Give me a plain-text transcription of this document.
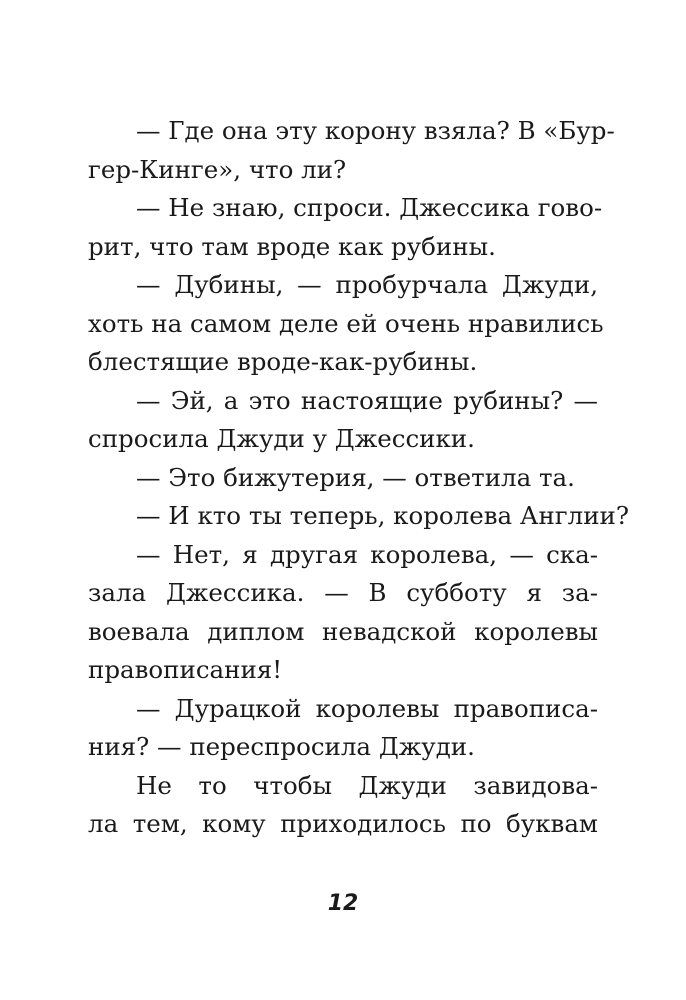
— Где она эту корону взяла? В «Бур-
гер-Кинге», что ли?
— Не знаю, спроси. Джессика гово-
рит, что там вроде как рубины.
— Дубины, — пробурчала Джуди,
хоть на самом деле ей очень нравились
блестящие вроде-как-рубины.
— Эй, а это настоящие рубины? —
спросила Джуди у Джессики.
— Это бижутерия, — ответила та.
— И кто ты теперь, королева Англии?
— Нет, я другая королева, — ска-
зала Джессика. — В субботу я за-
воевала диплом невадской королевы
правописания!
— Дурацкой королевы правописа-
ния? — переспросила Джуди.
Не то чтобы Джуди завидова-
ла тем, кому приходилось по буквам
12
